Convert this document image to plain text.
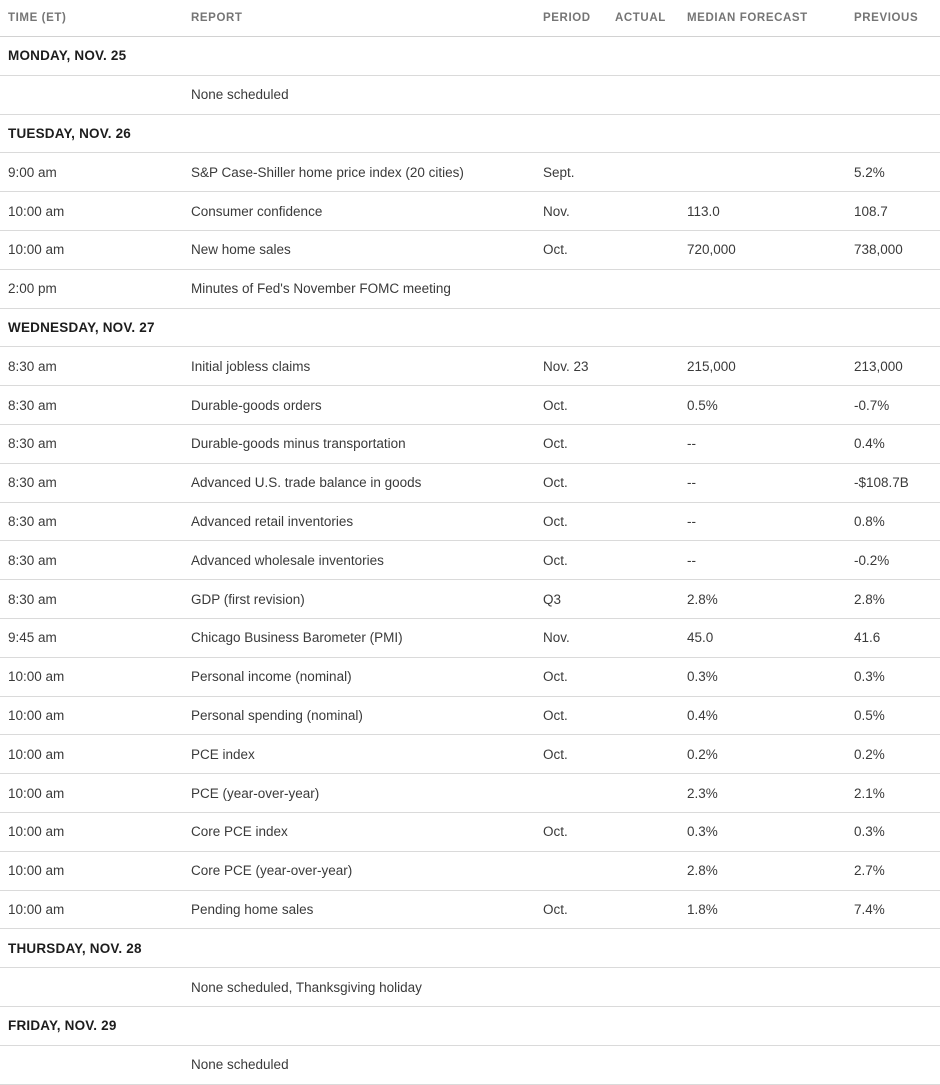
TIME (ET)	REPORT	PERIOD	ACTUAL	MEDIAN FORECAST	PREVIOUS
MONDAY, NOV. 25					
	None scheduled				
TUESDAY, NOV. 26					
9:00 am	S&P Case-Shiller home price index (20 cities)	Sept.			5.2%
10:00 am	Consumer confidence	Nov.		113.0	108.7
10:00 am	New home sales	Oct.		720,000	738,000
2:00 pm	Minutes of Fed's November FOMC meeting				
WEDNESDAY, NOV. 27					
8:30 am	Initial jobless claims	Nov. 23		215,000	213,000
8:30 am	Durable-goods orders	Oct.		0.5%	-0.7%
8:30 am	Durable-goods minus transportation	Oct.		--	0.4%
8:30 am	Advanced U.S. trade balance in goods	Oct.		--	-$108.7B
8:30 am	Advanced retail inventories	Oct.		--	0.8%
8:30 am	Advanced wholesale inventories	Oct.		--	-0.2%
8:30 am	GDP (first revision)	Q3		2.8%	2.8%
9:45 am	Chicago Business Barometer (PMI)	Nov.		45.0	41.6
10:00 am	Personal income (nominal)	Oct.		0.3%	0.3%
10:00 am	Personal spending (nominal)	Oct.		0.4%	0.5%
10:00 am	PCE index	Oct.		0.2%	0.2%
10:00 am	PCE (year-over-year)			2.3%	2.1%
10:00 am	Core PCE index	Oct.		0.3%	0.3%
10:00 am	Core PCE (year-over-year)			2.8%	2.7%
10:00 am	Pending home sales	Oct.		1.8%	7.4%
THURSDAY, NOV. 28					
	None scheduled, Thanksgiving holiday				
FRIDAY, NOV. 29					
	None scheduled				
